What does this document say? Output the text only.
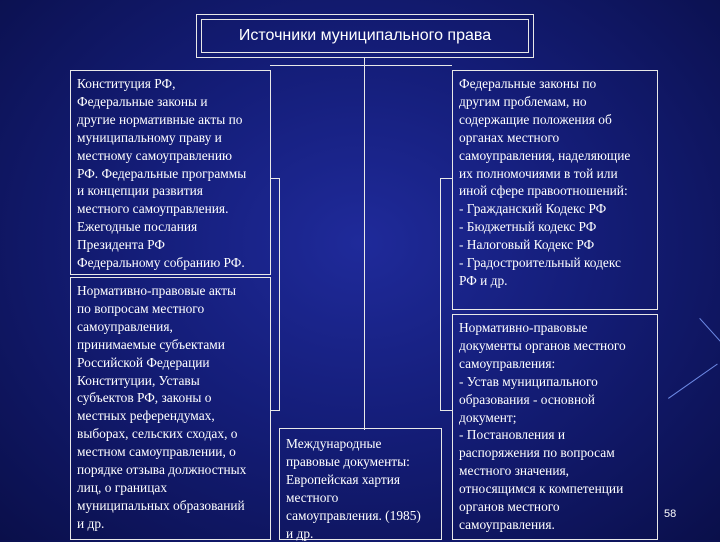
Источники муниципального права
Конституция РФ,
Федеральные законы и
другие нормативные акты по
муниципальному праву и
местному самоуправлению
РФ. Федеральные программы
и концепции развития
местного самоуправления.
Ежегодные послания
Президента РФ
Федеральному собранию РФ.
Нормативно-правовые акты
по вопросам местного
самоуправления,
принимаемые субъектами
Российской Федерации
Конституции, Уставы
субъектов РФ, законы о
местных референдумах,
выборах, сельских сходах, о
местном самоуправлении, о
порядке отзыва должностных
лиц, о границах
муниципальных образований
и др.
Международные
правовые документы:
Европейская хартия
местного
самоуправления. (1985)
и др.
Федеральные законы по
другим проблемам, но
содержащие положения об
органах местного
самоуправления, наделяющие
их полномочиями в той или
иной сфере правоотношений:
- Гражданский Кодекс РФ
- Бюджетный кодекс РФ
- Налоговый Кодекс РФ
- Градостроительный кодекс
РФ и др.
Нормативно-правовые
документы органов местного
самоуправления:
- Устав муниципального
образования - основной
документ;
- Постановления и
распоряжения по вопросам
местного значения,
относящимся к компетенции
органов местного
самоуправления.
58
